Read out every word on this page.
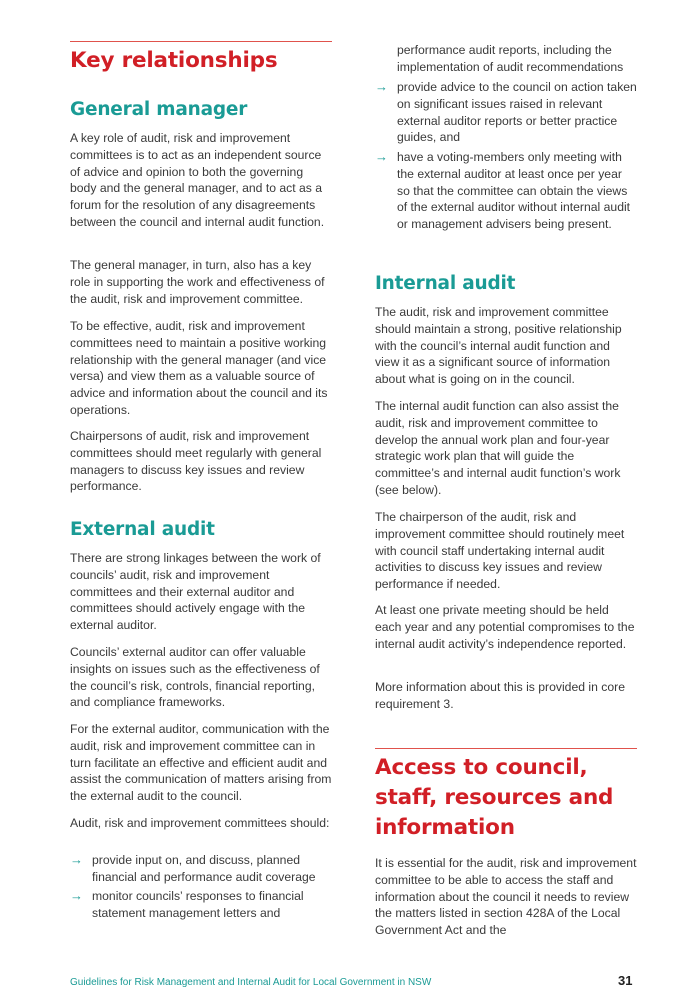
Key relationships
General manager

A key role of audit, risk and improvement committees is to act as an independent source of advice and opinion to both the governing body and the general manager, and to act as a forum for the resolution of any disagreements between the council and internal audit function.

The general manager, in turn, also has a key role in supporting the work and effectiveness of the audit, risk and improvement committee.

To be effective, audit, risk and improvement committees need to maintain a positive working relationship with the general manager (and vice versa) and view them as a valuable source of advice and information about the council and its operations.

Chairpersons of audit, risk and improvement committees should meet regularly with general managers to discuss key issues and review performance.

External audit

There are strong linkages between the work of councils’ audit, risk and improvement committees and their external auditor and committees should actively engage with the external auditor.

Councils’ external auditor can offer valuable insights on issues such as the effectiveness of the council’s risk, controls, financial reporting, and compliance frameworks.

For the external auditor, communication with the audit, risk and improvement committee can in turn facilitate an effective and efficient audit and assist the communication of matters arising from the external audit to the council.

Audit, risk and improvement committees should:

→ provide input on, and discuss, planned financial and performance audit coverage
→ monitor councils’ responses to financial statement management letters and

performance audit reports, including the implementation of audit recommendations

→ provide advice to the council on action taken on significant issues raised in relevant external auditor reports or better practice guides, and
→ have a voting-members only meeting with the external auditor at least once per year so that the committee can obtain the views of the external auditor without internal audit or management advisers being present.
Internal audit

The audit, risk and improvement committee should maintain a strong, positive relationship with the council’s internal audit function and view it as a significant source of information about what is going on in the council.

The internal audit function can also assist the audit, risk and improvement committee to develop the annual work plan and four-year strategic work plan that will guide the committee’s and internal audit function’s work (see below).

The chairperson of the audit, risk and improvement committee should routinely meet with council staff undertaking internal audit activities to discuss key issues and review performance if needed.

At least one private meeting should be held each year and any potential compromises to the internal audit activity’s independence reported.

More information about this is provided in core requirement 3.

Access to council, staff, resources and information

It is essential for the audit, risk and improvement committee to be able to access the staff and information about the council it needs to review the matters listed in section 428A of the Local Government Act and the

Guidelines for Risk Management and Internal Audit for Local Government in NSW	31
